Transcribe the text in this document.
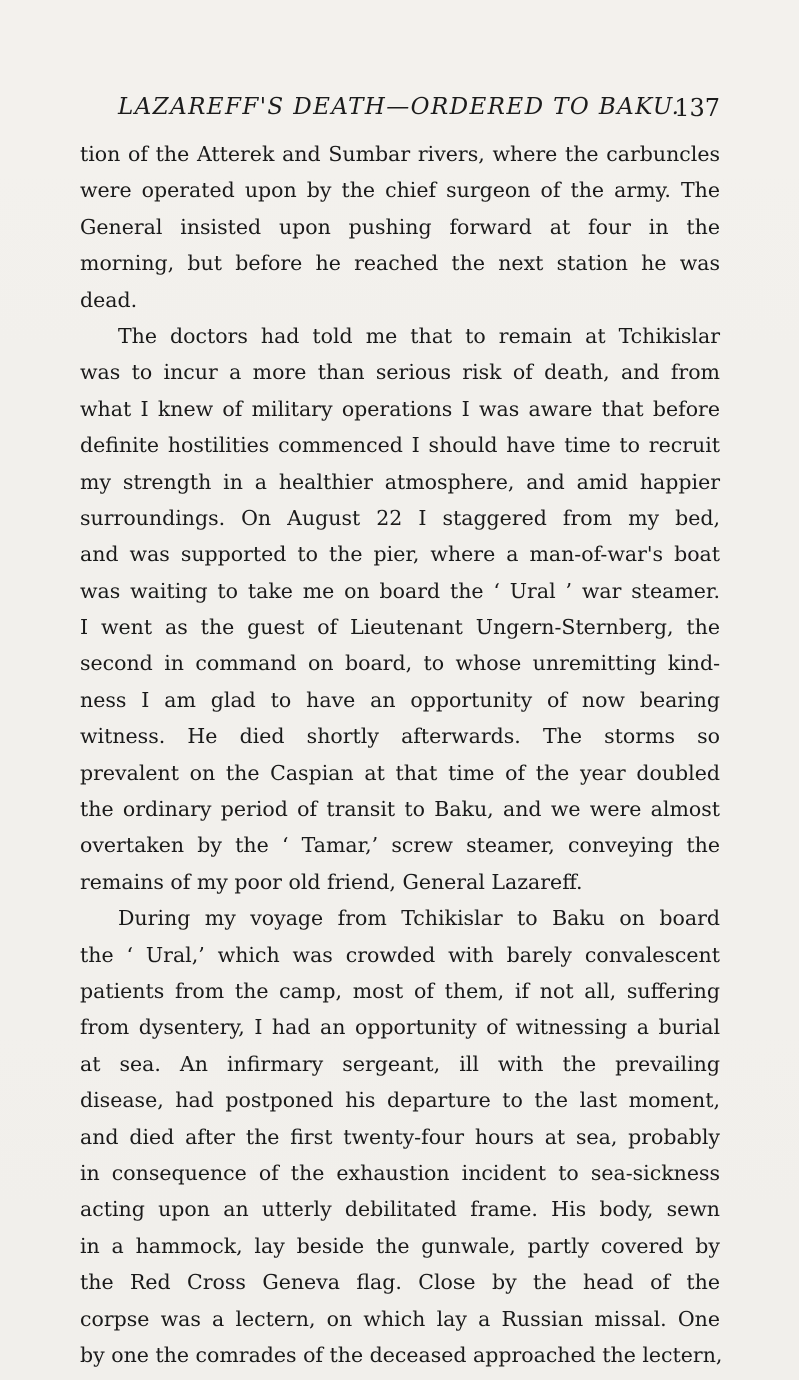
LAZAREFF'S DEATH—ORDERED TO BAKU.
137
tion of the Atterek and Sumbar rivers, where the carbuncles
were operated upon by the chief surgeon of the army. The
General insisted upon pushing forward at four in the
morning, but before he reached the next station he was
dead.
The doctors had told me that to remain at Tchikislar
was to incur a more than serious risk of death, and from
what I knew of military operations I was aware that before
definite hostilities commenced I should have time to recruit
my strength in a healthier atmosphere, and amid happier
surroundings. On August 22 I staggered from my bed,
and was supported to the pier, where a man-of-war's boat
was waiting to take me on board the ‘ Ural ’ war steamer.
I went as the guest of Lieutenant Ungern-Sternberg, the
second in command on board, to whose unremitting kind-
ness I am glad to have an opportunity of now bearing
witness. He died shortly afterwards. The storms so
prevalent on the Caspian at that time of the year doubled
the ordinary period of transit to Baku, and we were almost
overtaken by the ‘ Tamar,’ screw steamer, conveying the
remains of my poor old friend, General Lazareff.
During my voyage from Tchikislar to Baku on board
the ‘ Ural,’ which was crowded with barely convalescent
patients from the camp, most of them, if not all, suffering
from dysentery, I had an opportunity of witnessing a burial
at sea. An infirmary sergeant, ill with the prevailing
disease, had postponed his departure to the last moment,
and died after the first twenty-four hours at sea, probably
in consequence of the exhaustion incident to sea-sickness
acting upon an utterly debilitated frame. His body, sewn
in a hammock, lay beside the gunwale, partly covered by
the Red Cross Geneva flag. Close by the head of the
corpse was a lectern, on which lay a Russian missal. One
by one the comrades of the deceased approached the lectern,
